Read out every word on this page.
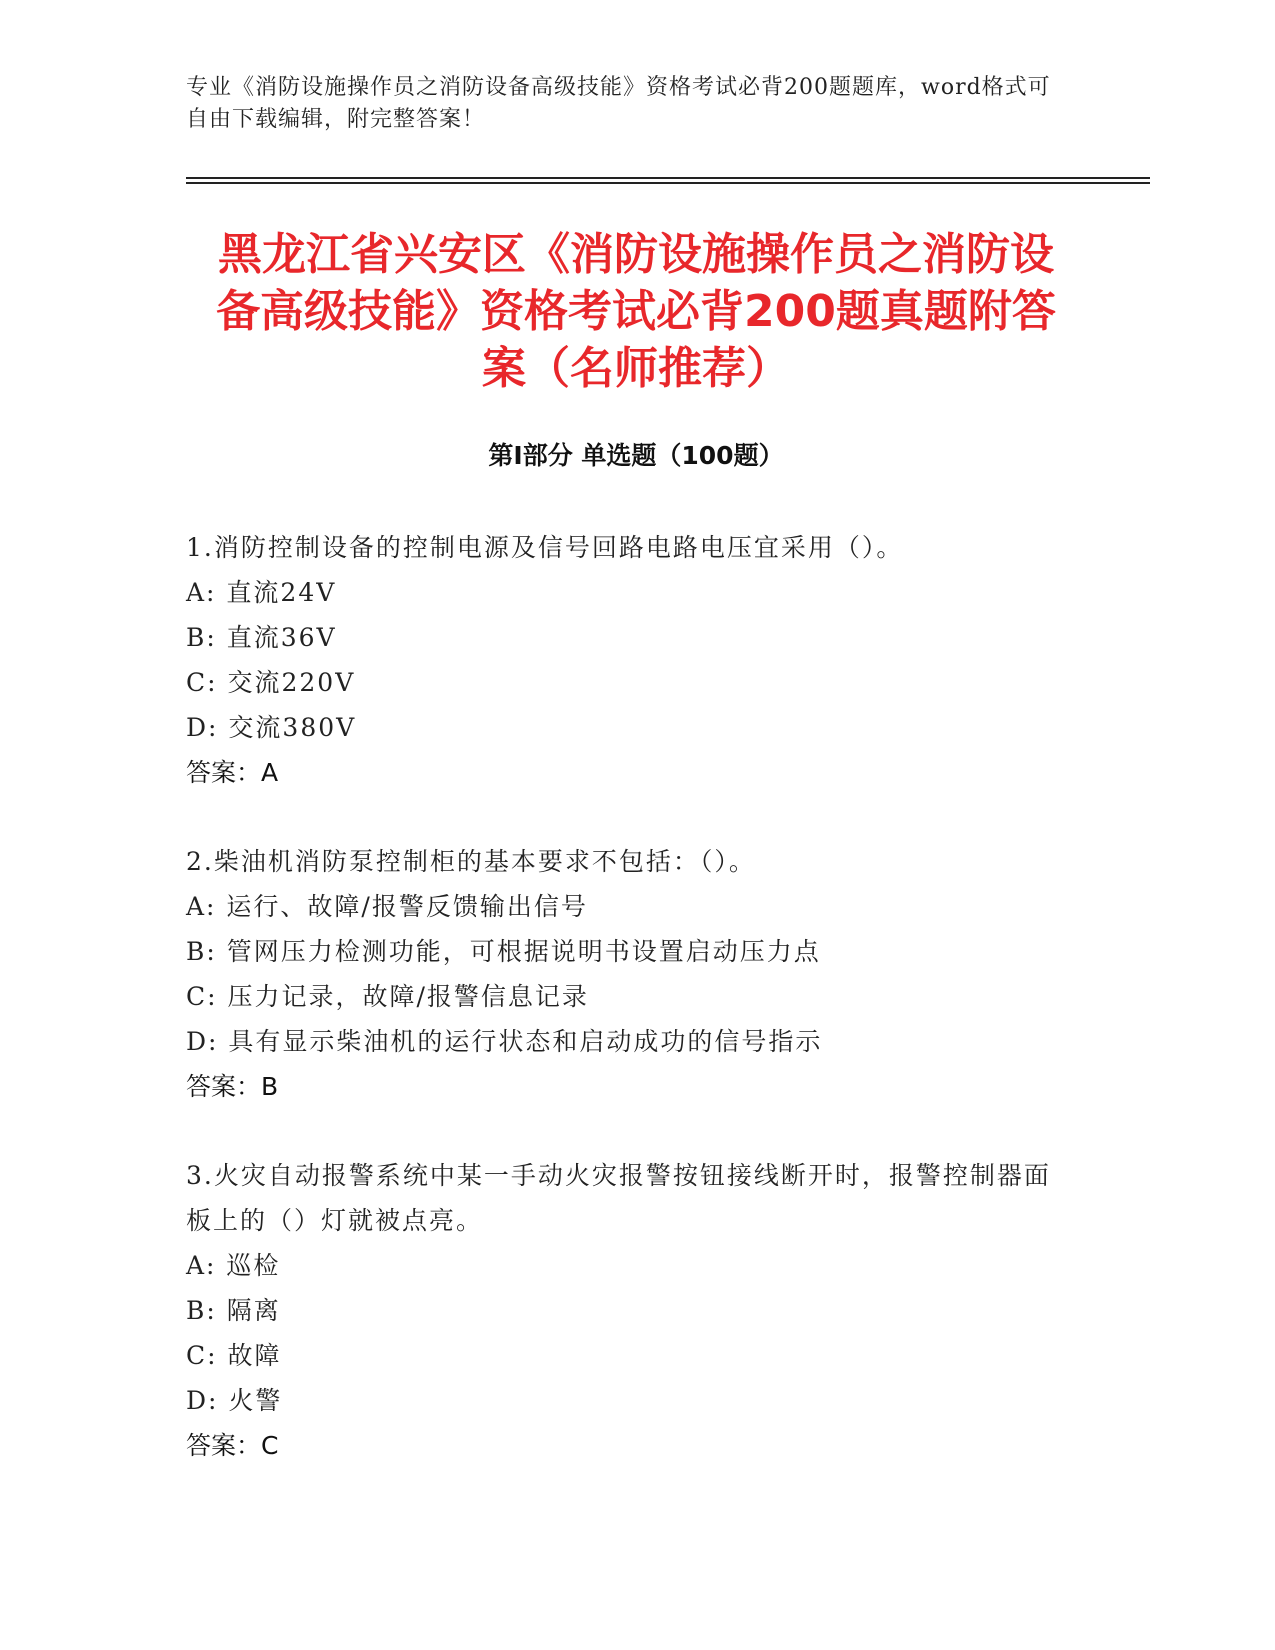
专业《消防设施操作员之消防设备高级技能》资格考试必背200题题库，word格式可自由下载编辑，附完整答案！
黑龙江省兴安区《消防设施操作员之消防设
备高级技能》资格考试必背200题真题附答
案（名师推荐）
第Ⅰ部分 单选题（100题）

1.消防控制设备的控制电源及信号回路电路电压宜采用（）。

A: 直流24V

B: 直流36V

C: 交流220V

D: 交流380V

答案：A

2.柴油机消防泵控制柜的基本要求不包括：（）。

A: 运行、故障/报警反馈输出信号

B: 管网压力检测功能，可根据说明书设置启动压力点

C: 压力记录，故障/报警信息记录

D: 具有显示柴油机的运行状态和启动成功的信号指示

答案：B

3.火灾自动报警系统中某一手动火灾报警按钮接线断开时，报警控制器面板上的（）灯就被点亮。

A: 巡检

B: 隔离

C: 故障

D: 火警

答案：C
